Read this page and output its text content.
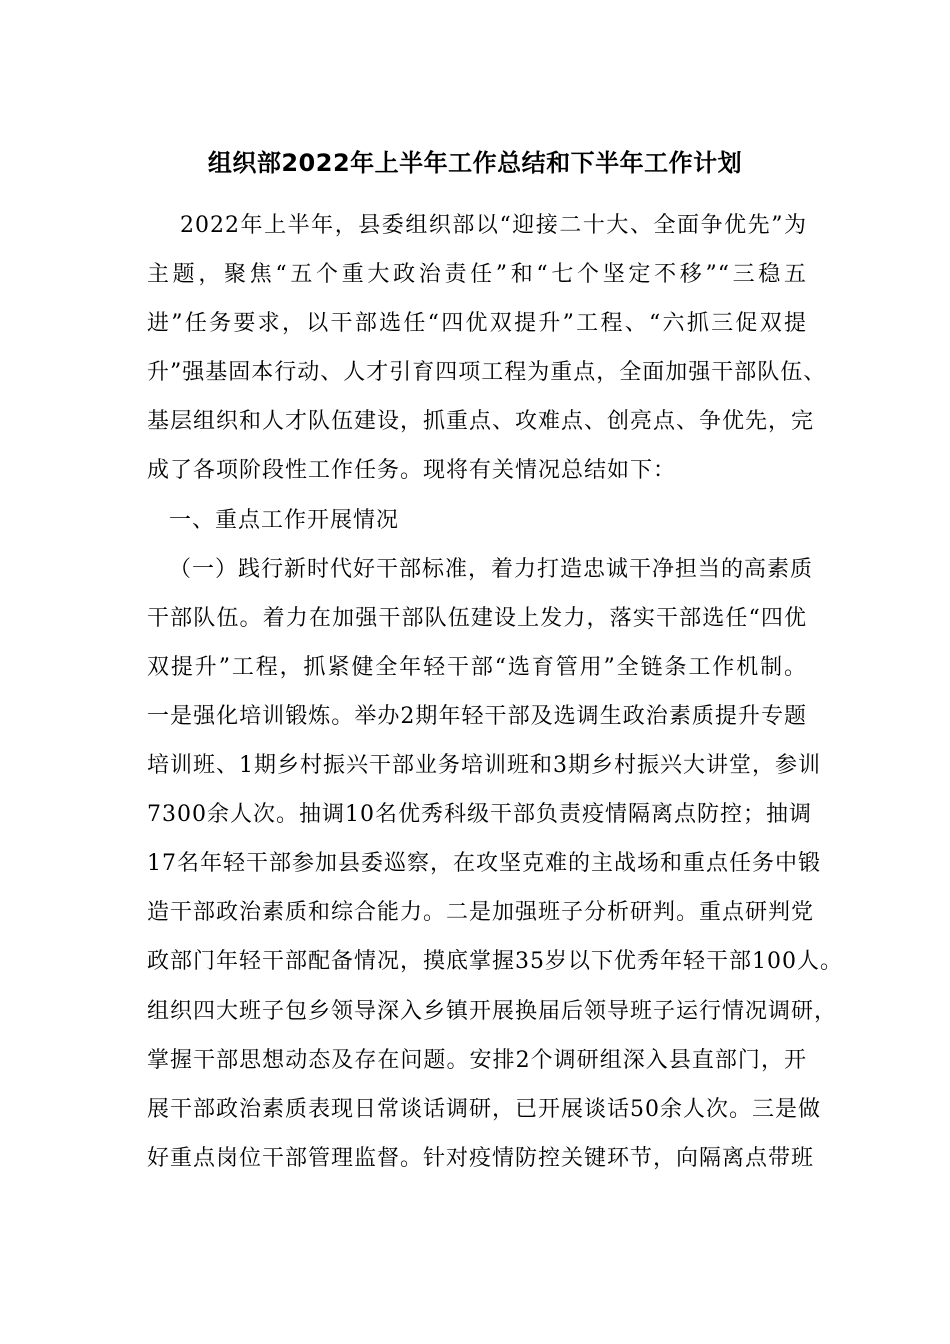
组织部2022年上半年工作总结和下半年工作计划
2022年上半年，县委组织部以“迎接二十大、全面争优先”为
主题，聚焦“五个重大政治责任”和“七个坚定不移”“三稳五
进”任务要求，以干部选任“四优双提升”工程、“六抓三促双提
升”强基固本行动、人才引育四项工程为重点，全面加强干部队伍、
基层组织和人才队伍建设，抓重点、攻难点、创亮点、争优先，完
成了各项阶段性工作任务。现将有关情况总结如下：
一、重点工作开展情况
（一）践行新时代好干部标准，着力打造忠诚干净担当的高素质
干部队伍。着力在加强干部队伍建设上发力，落实干部选任“四优
双提升”工程，抓紧健全年轻干部“选育管用”全链条工作机制。
一是强化培训锻炼。举办2期年轻干部及选调生政治素质提升专题
培训班、1期乡村振兴干部业务培训班和3期乡村振兴大讲堂，参训
7300余人次。抽调10名优秀科级干部负责疫情隔离点防控；抽调
17名年轻干部参加县委巡察，在攻坚克难的主战场和重点任务中锻
造干部政治素质和综合能力。二是加强班子分析研判。重点研判党
政部门年轻干部配备情况，摸底掌握35岁以下优秀年轻干部100人。
组织四大班子包乡领导深入乡镇开展换届后领导班子运行情况调研，
掌握干部思想动态及存在问题。安排2个调研组深入县直部门，开
展干部政治素质表现日常谈话调研，已开展谈话50余人次。三是做
好重点岗位干部管理监督。针对疫情防控关键环节，向隔离点带班
